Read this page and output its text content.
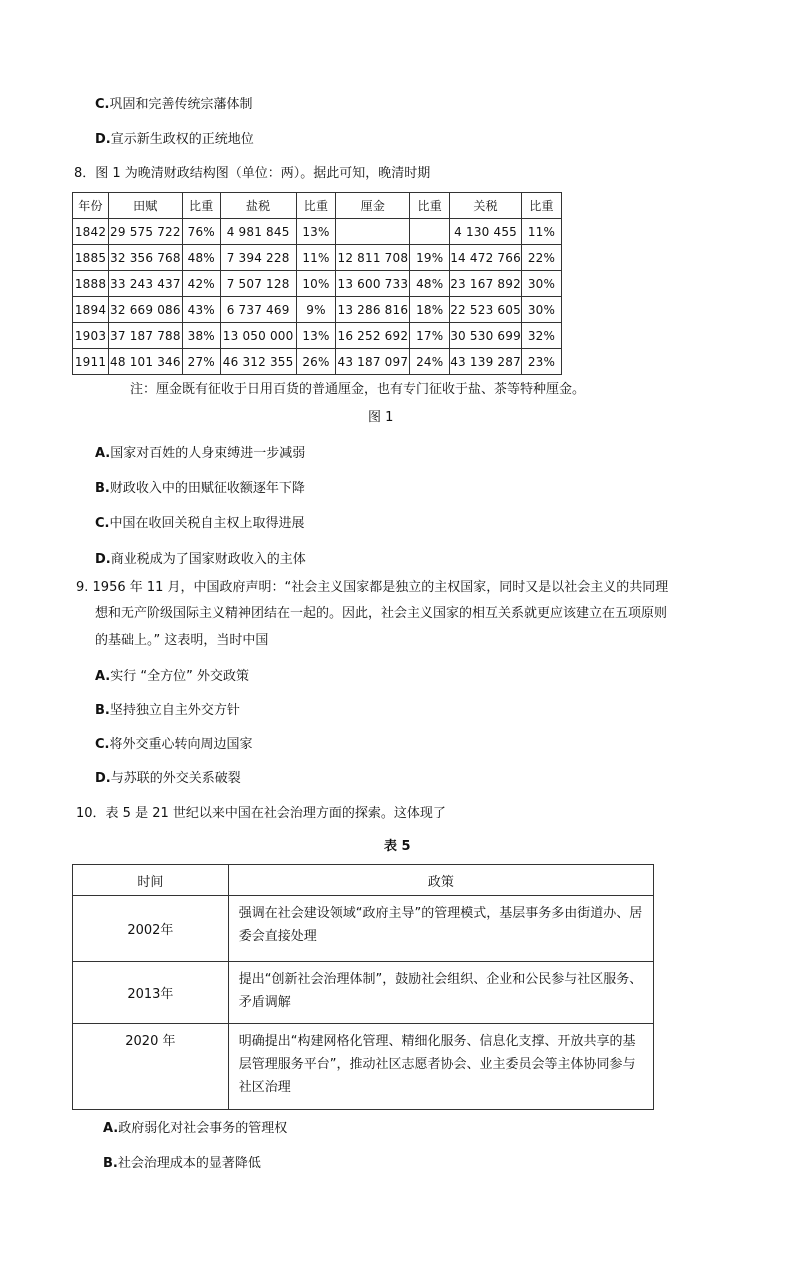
C.巩固和完善传统宗藩体制
D.宣示新生政权的正统地位
8．图 1 为晚清财政结构图（单位：两）。据此可知，晚清时期
年份	田赋	比重	盐税	比重	厘金	比重	关税	比重
1842	29 575 722	76%	4 981 845	13%			4 130 455	11%
1885	32 356 768	48%	7 394 228	11%	12 811 708	19%	14 472 766	22%
1888	33 243 437	42%	7 507 128	10%	13 600 733	48%	23 167 892	30%
1894	32 669 086	43%	6 737 469	9%	13 286 816	18%	22 523 605	30%
1903	37 187 788	38%	13 050 000	13%	16 252 692	17%	30 530 699	32%
1911	48 101 346	27%	46 312 355	26%	43 187 097	24%	43 139 287	23%
注：厘金既有征收于日用百货的普通厘金，也有专门征收于盐、茶等特种厘金。
图 1
A.国家对百姓的人身束缚进一步减弱
B.财政收入中的田赋征收额逐年下降
C.中国在收回关税自主权上取得进展
D.商业税成为了国家财政收入的主体
9. 1956 年 11 月，中国政府声明：“社会主义国家都是独立的主权国家，同时又是以社会主义的共同理
想和无产阶级国际主义精神团结在一起的。因此，社会主义国家的相互关系就更应该建立在五项原则
的基础上。” 这表明，当时中国
A.实行 “全方位” 外交政策
B.坚持独立自主外交方针
C.将外交重心转向周边国家
D.与苏联的外交关系破裂
10．表 5 是 21 世纪以来中国在社会治理方面的探索。这体现了
表 5
时间	政策
2002年	强调在社会建设领域“政府主导”的管理模式，基层事务多由街道办、居委会直接处理
2013年	提出“创新社会治理体制”，鼓励社会组织、企业和公民参与社区服务、矛盾调解
2020 年	明确提出“构建网格化管理、精细化服务、信息化支撑、开放共享的基层管理服务平台”，推动社区志愿者协会、业主委员会等主体协同参与社区治理
A.政府弱化对社会事务的管理权
B.社会治理成本的显著降低
